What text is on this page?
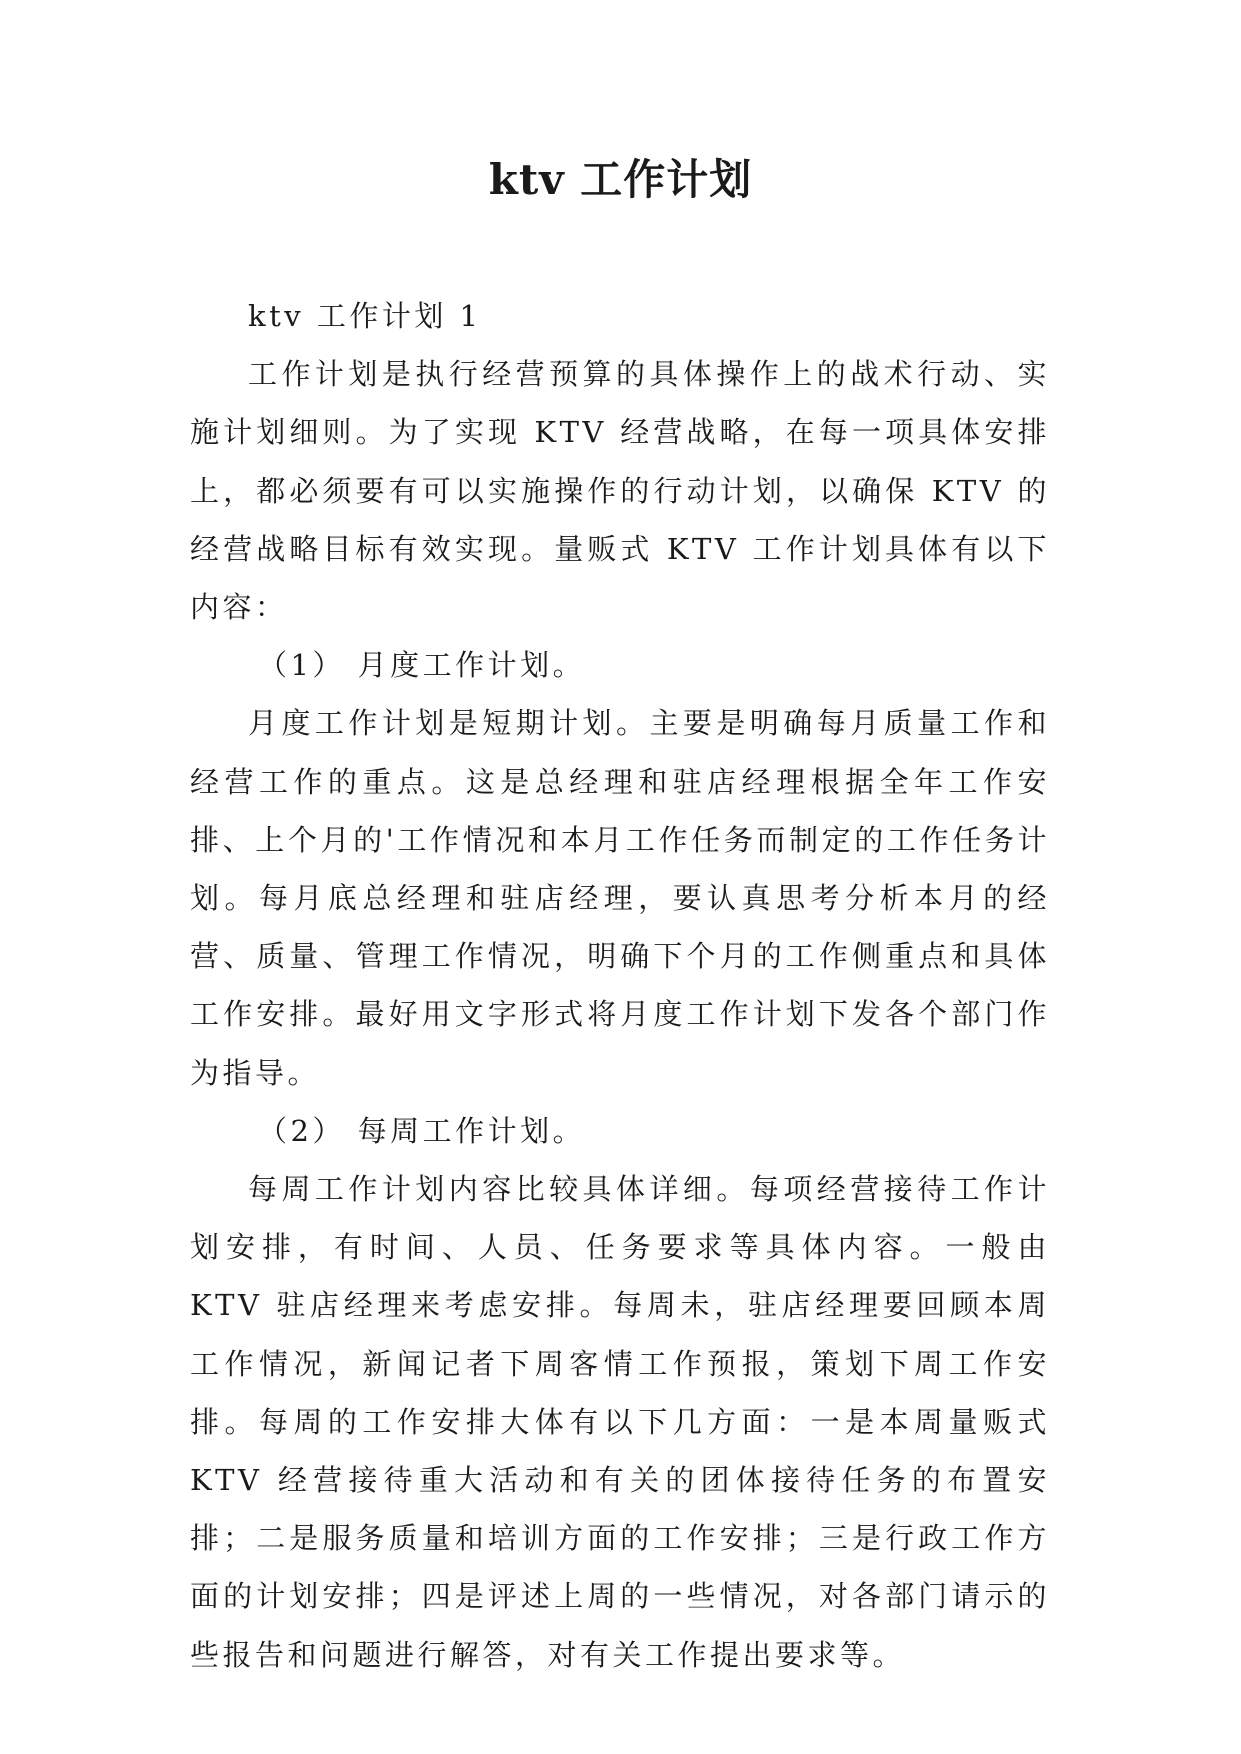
ktv 工作计划

ktv 工作计划 1

工作计划是执行经营预算的具体操作上的战术行动、实施计划细则。为了实现 KTV 经营战略，在每一项具体安排上，都必须要有可以实施操作的行动计划，以确保 KTV 的经营战略目标有效实现。量贩式 KTV 工作计划具体有以下内容：

（1） 月度工作计划。

月度工作计划是短期计划。主要是明确每月质量工作和经营工作的重点。这是总经理和驻店经理根据全年工作安排、上个月的'工作情况和本月工作任务而制定的工作任务计划。每月底总经理和驻店经理，要认真思考分析本月的经营、质量、管理工作情况，明确下个月的工作侧重点和具体工作安排。最好用文字形式将月度工作计划下发各个部门作为指导。

（2） 每周工作计划。

每周工作计划内容比较具体详细。每项经营接待工作计划安排，有时间、人员、任务要求等具体内容。一般由 KTV 驻店经理来考虑安排。每周未，驻店经理要回顾本周工作情况，新闻记者下周客情工作预报，策划下周工作安排。每周的工作安排大体有以下几方面：一是本周量贩式 KTV 经营接待重大活动和有关的团体接待任务的布置安排；二是服务质量和培训方面的工作安排；三是行政工作方面的计划安排；四是评述上周的一些情况，对各部门请示的些报告和问题进行解答，对有关工作提出要求等。
